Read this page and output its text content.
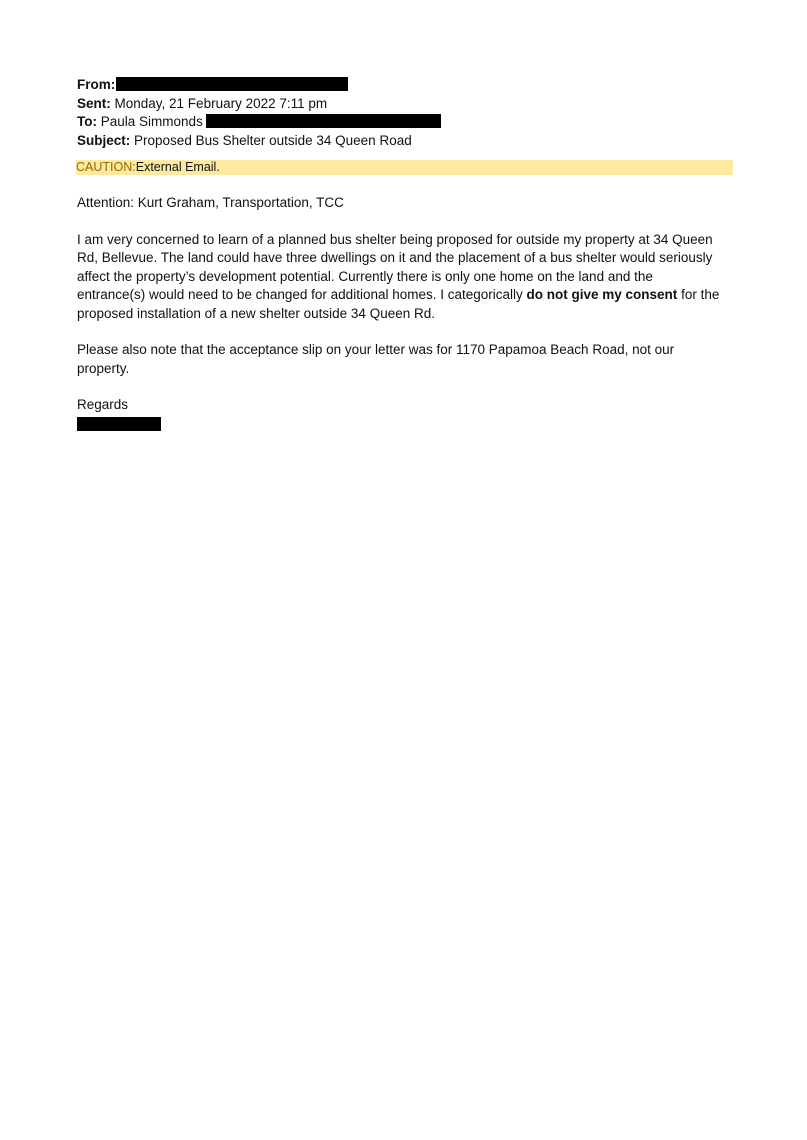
From:
Sent: Monday, 21 February 2022 7:11 pm
To: Paula Simmonds
Subject: Proposed Bus Shelter outside 34 Queen Road
CAUTION:External Email.

Attention: Kurt Graham, Transportation, TCC

I am very concerned to learn of a planned bus shelter being proposed for outside my property at 34 Queen
Rd, Bellevue. The land could have three dwellings on it and the placement of a bus shelter would seriously
affect the property’s development potential. Currently there is only one home on the land and the
entrance(s) would need to be changed for additional homes. I categorically do not give my consent for the
proposed installation of a new shelter outside 34 Queen Rd.
Please also note that the acceptance slip on your letter was for 1170 Papamoa Beach Road, not our
property.

Regards
